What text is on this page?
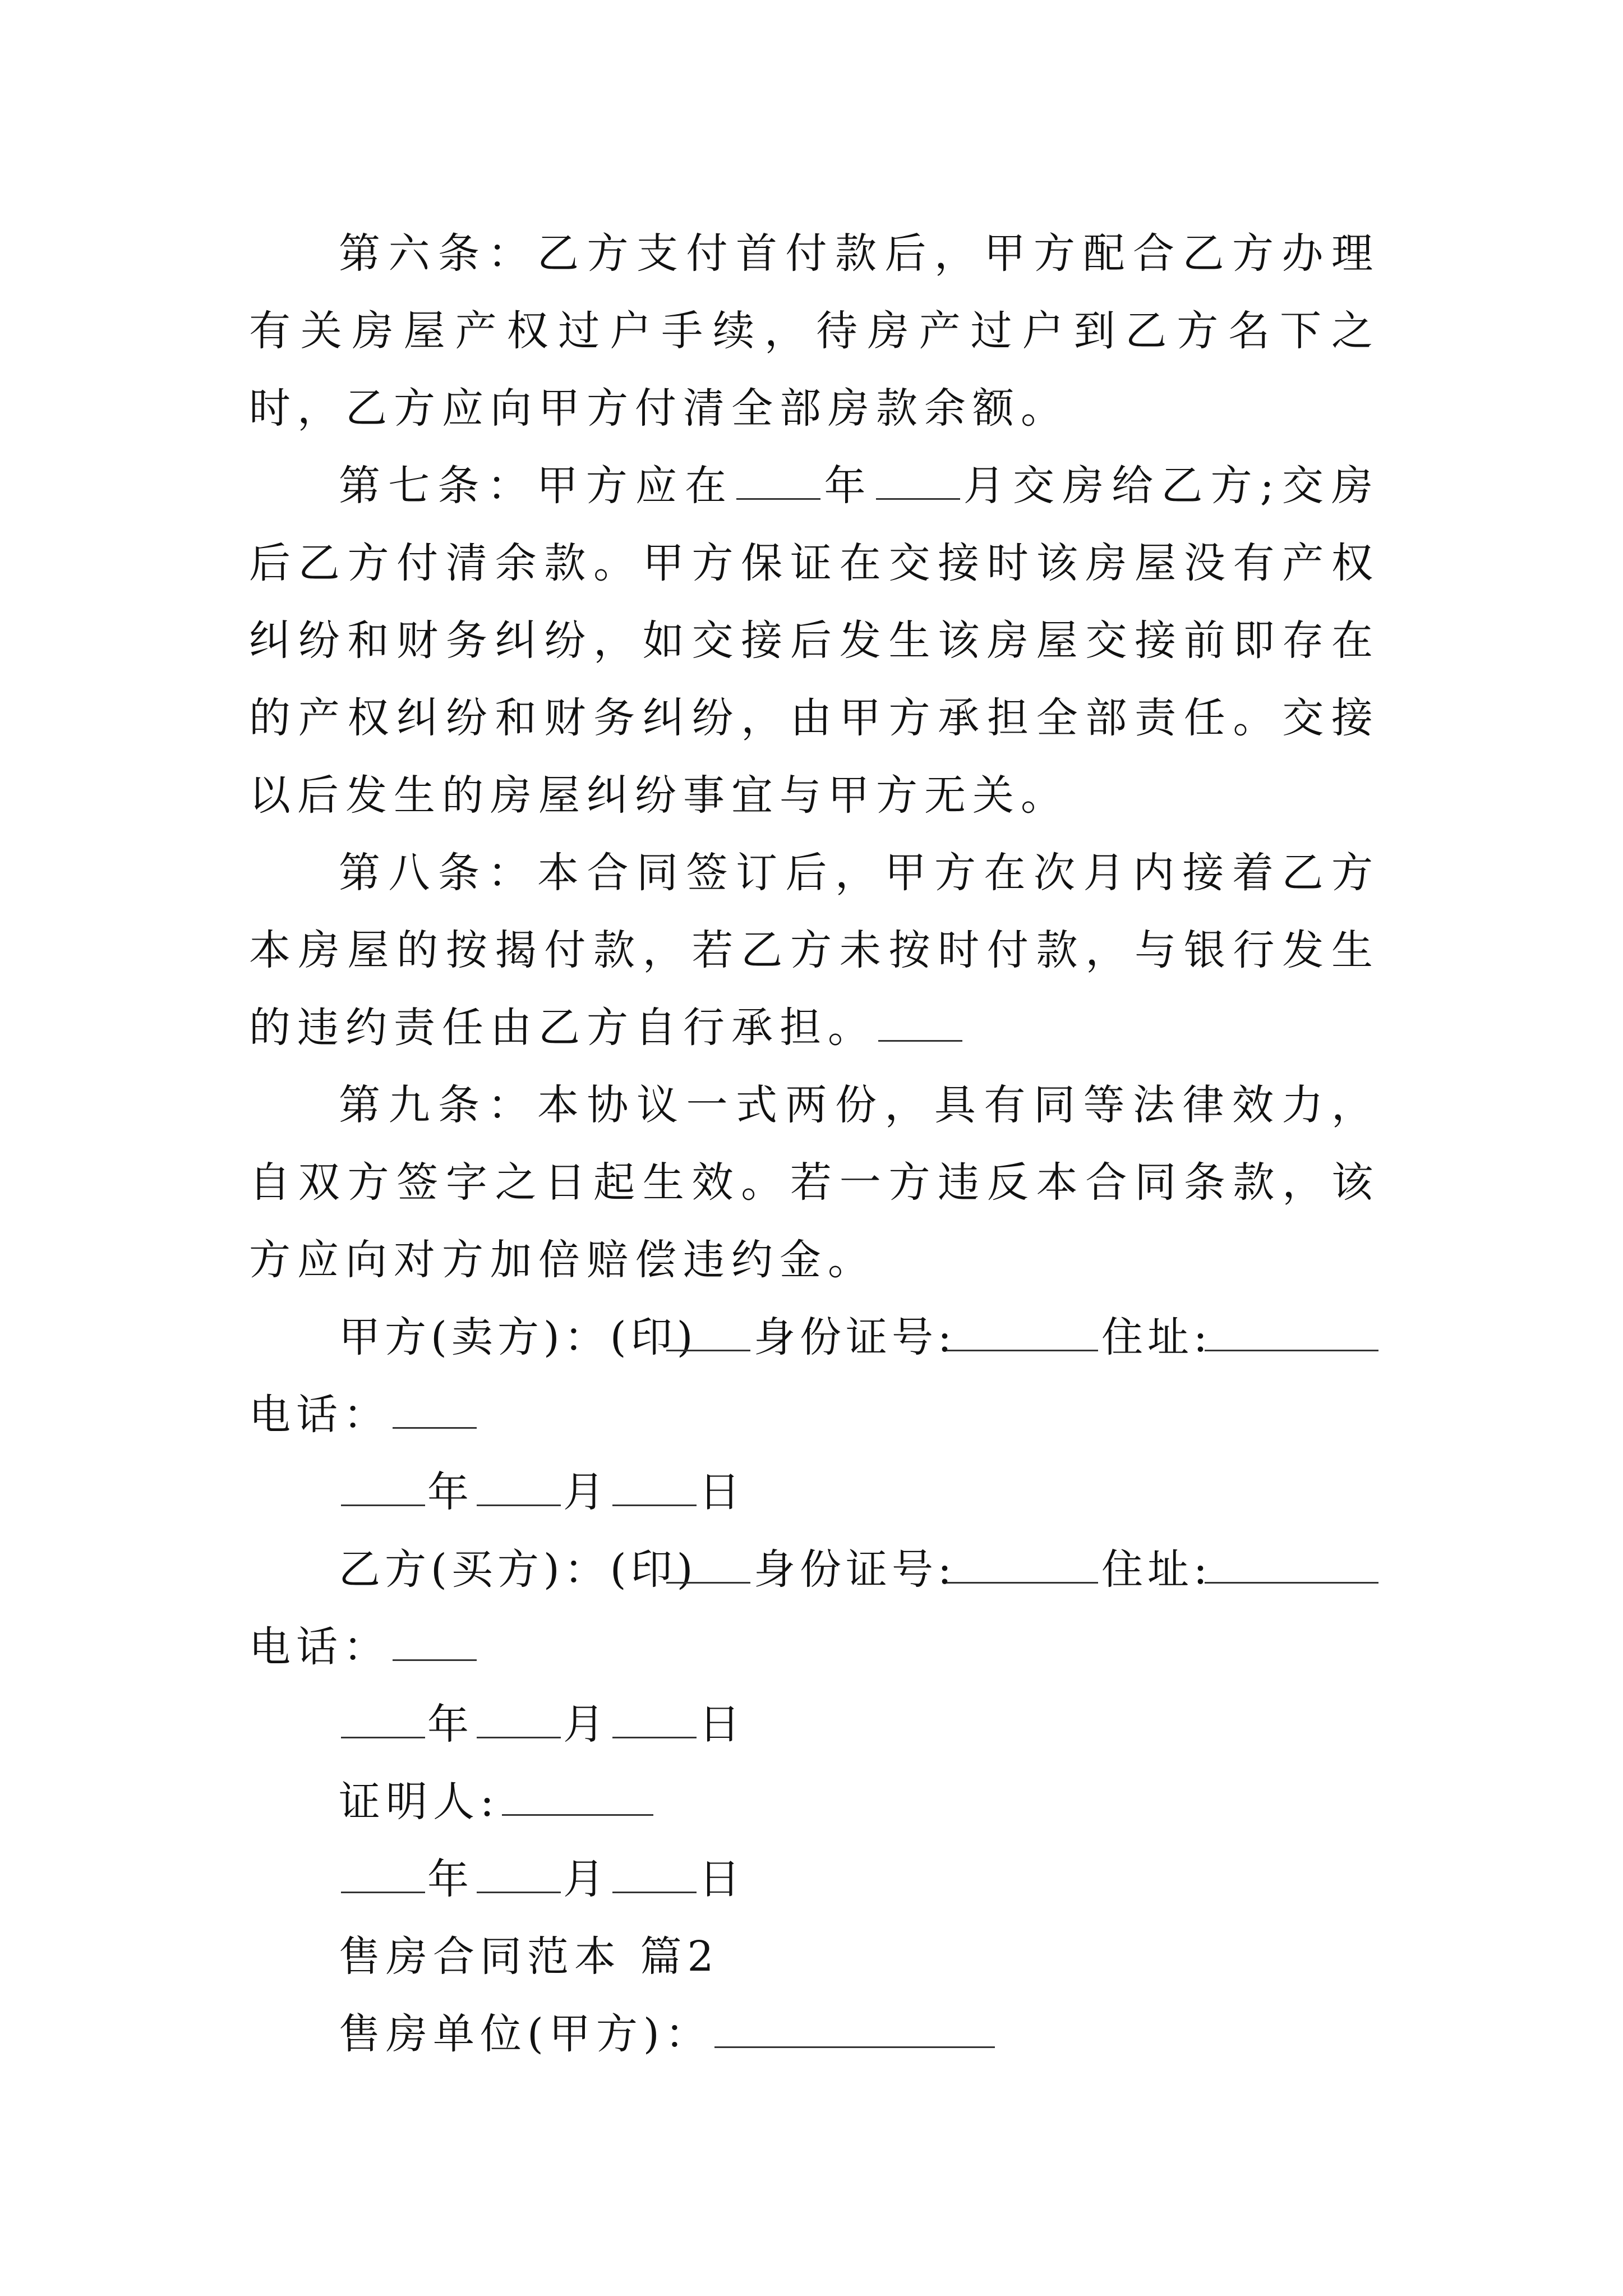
第六条：乙方支付首付款后，甲方配合乙方办理有关房屋产权过户手续，待房产过户到乙方名下之时，乙方应向甲方付清全部房款余额。

第七条：甲方应在 年 月交房给乙方;交房后乙方付清余款。甲方保证在交接时该房屋没有产权纠纷和财务纠纷，如交接后发生该房屋交接前即存在的产权纠纷和财务纠纷，由甲方承担全部责任。交接以后发生的房屋纠纷事宜与甲方无关。

第八条：本合同签订后，甲方在次月内接着乙方本房屋的按揭付款，若乙方未按时付款，与银行发生的违约责任由乙方自行承担。

第九条：本协议一式两份，具有同等法律效力，自双方签字之日起生效。若一方违反本合同条款，该方应向对方加倍赔偿违约金。

甲方(卖方)：(印) 身份证号:	住址:

电话：

年 月 日

乙方(买方)：(印) 身份证号:	住址:

电话：

年 月 日

证明人:

年 月 日

售房合同范本 篇2

售房单位(甲方)：
